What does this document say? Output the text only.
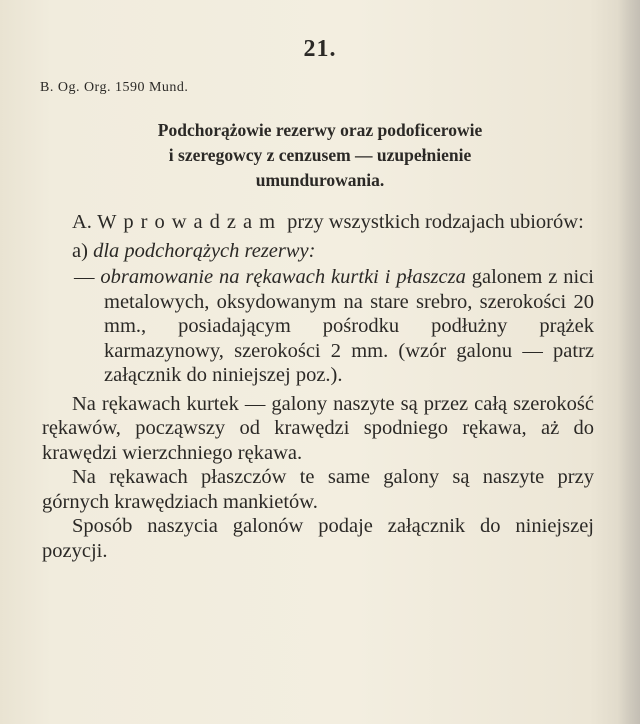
21.
B. Og. Org. 1590 Mund.
Podchorążowie rezerwy oraz podoficerowie
i szeregowcy z cenzusem — uzupełnienie
umundurowania.

A. Wprowadzam przy wszystkich rodzajach ubiorów:

a) dla podchorążych rezerwy:

— obramowanie na rękawach kurtki i płaszcza galonem z nici metalowych, oksydowanym na stare srebro, szerokości 20 mm., posiadającym pośrodku podłużny prążek karmazynowy, szerokości 2 mm. (wzór galonu — patrz załącznik do niniejszej poz.).

Na rękawach kurtek — galony naszyte są przez całą szerokość rękawów, począwszy od krawędzi spodniego rękawa, aż do krawędzi wierzchniego rękawa.

Na rękawach płaszczów te same galony są naszyte przy górnych krawędziach mankietów.

Sposób naszycia galonów podaje załącznik do niniejszej pozycji.
